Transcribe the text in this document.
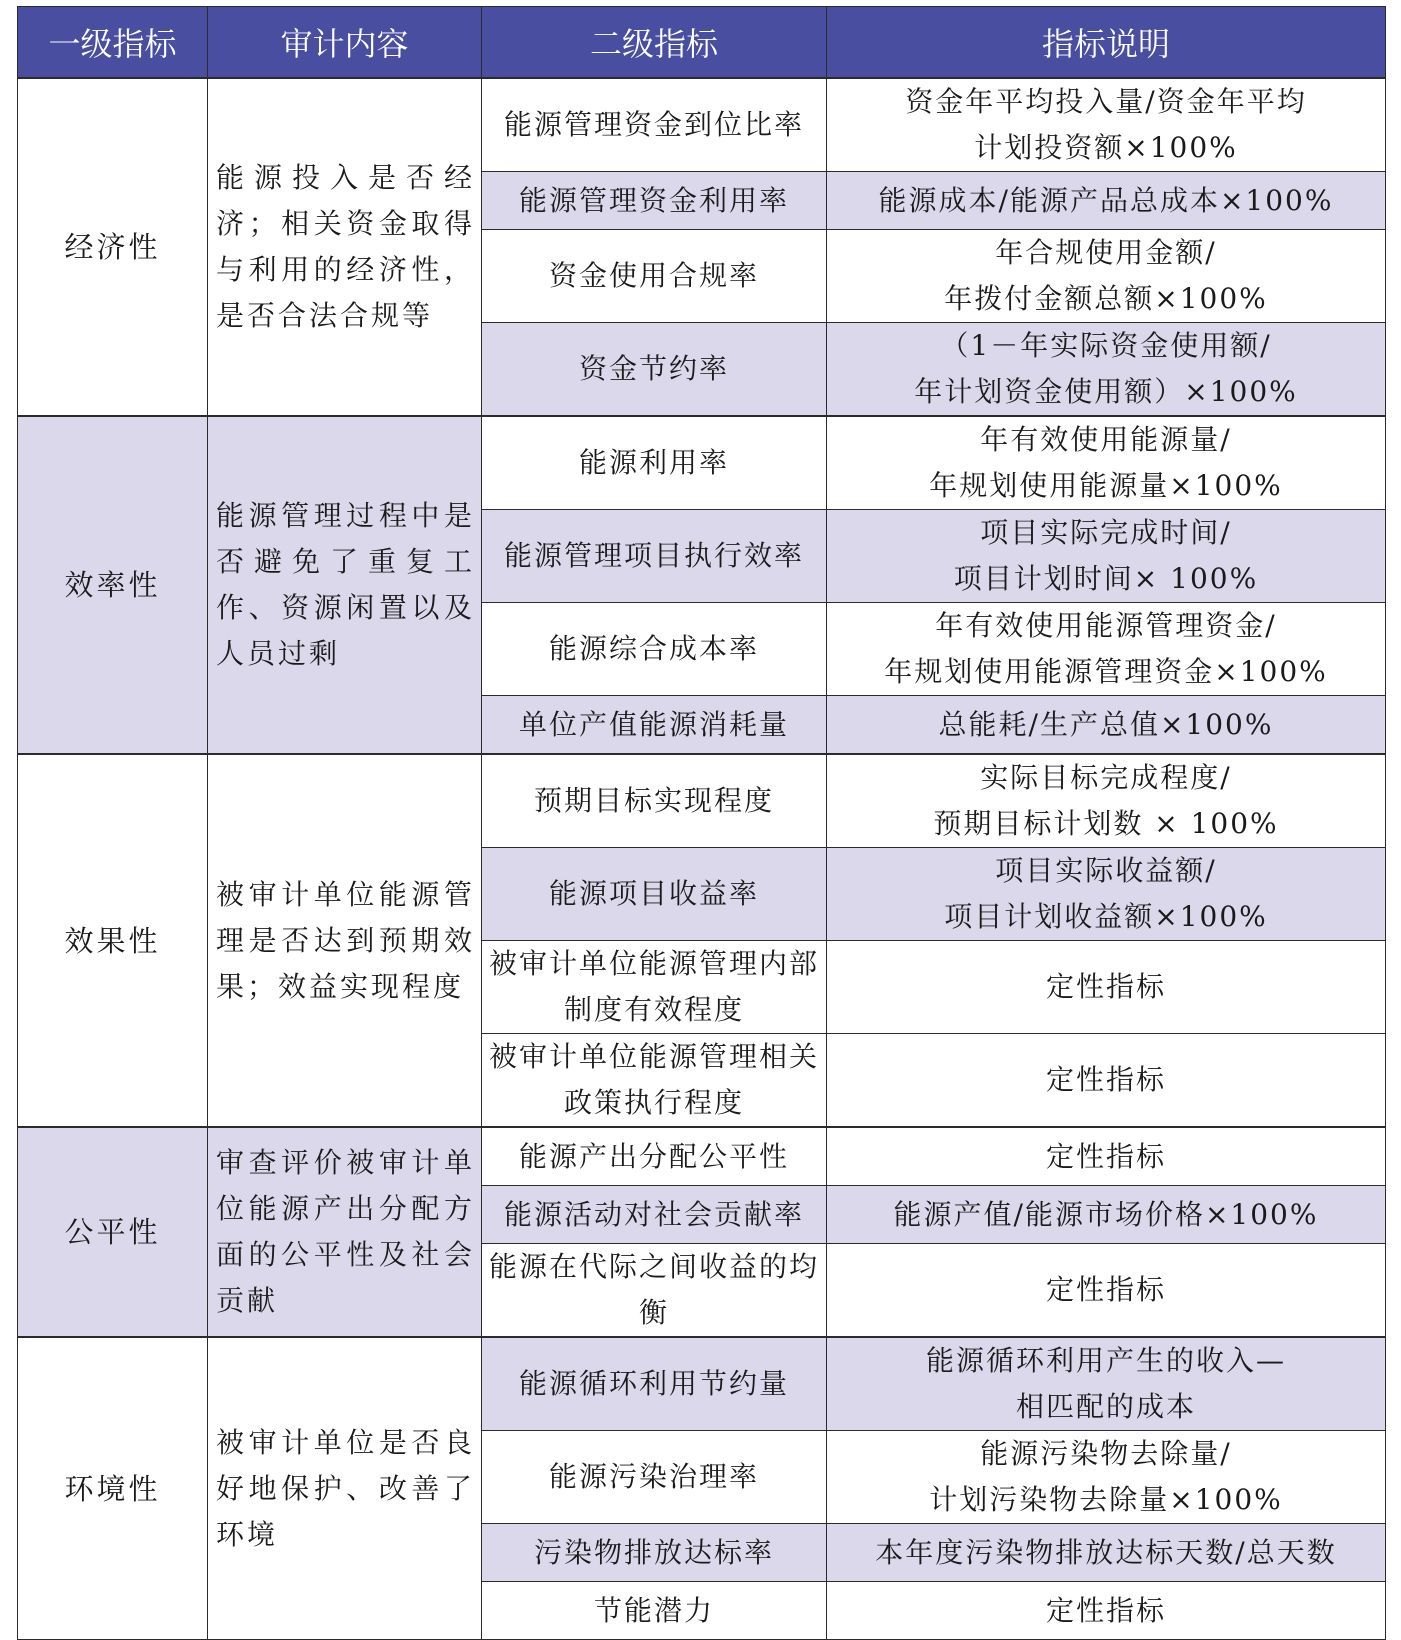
一级指标	审计内容	二级指标	指标说明
经济性	能源投入是否经济；相关资金取得与利用的经济性，是否合法合规等	能源管理资金到位比率	资金年平均投入量/资金年平均
计划投资额×100%
		能源管理资金利用率	能源成本/能源产品总成本×100%
		资金使用合规率	年合规使用金额/
年拨付金额总额×100%
		资金节约率	（1－年实际资金使用额/
年计划资金使用额）×100%
效率性	能源管理过程中是否避免了重复工作、资源闲置以及人员过剩	能源利用率	年有效使用能源量/
年规划使用能源量×100%
		能源管理项目执行效率	项目实际完成时间/
项目计划时间× 100%
		能源综合成本率	年有效使用能源管理资金/
年规划使用能源管理资金×100%
		单位产值能源消耗量	总能耗/生产总值×100%
效果性	被审计单位能源管理是否达到预期效果；效益实现程度	预期目标实现程度	实际目标完成程度/
预期目标计划数 × 100%
		能源项目收益率	项目实际收益额/
项目计划收益额×100%
		被审计单位能源管理内部制度有效程度	定性指标
		被审计单位能源管理相关政策执行程度	定性指标
公平性	审查评价被审计单位能源产出分配方面的公平性及社会贡献	能源产出分配公平性	定性指标
		能源活动对社会贡献率	能源产值/能源市场价格×100%
		能源在代际之间收益的均衡	定性指标
环境性	被审计单位是否良好地保护、改善了环境	能源循环利用节约量	能源循环利用产生的收入—
相匹配的成本
		能源污染治理率	能源污染物去除量/
计划污染物去除量×100%
		污染物排放达标率	本年度污染物排放达标天数/总天数
		节能潜力	定性指标
